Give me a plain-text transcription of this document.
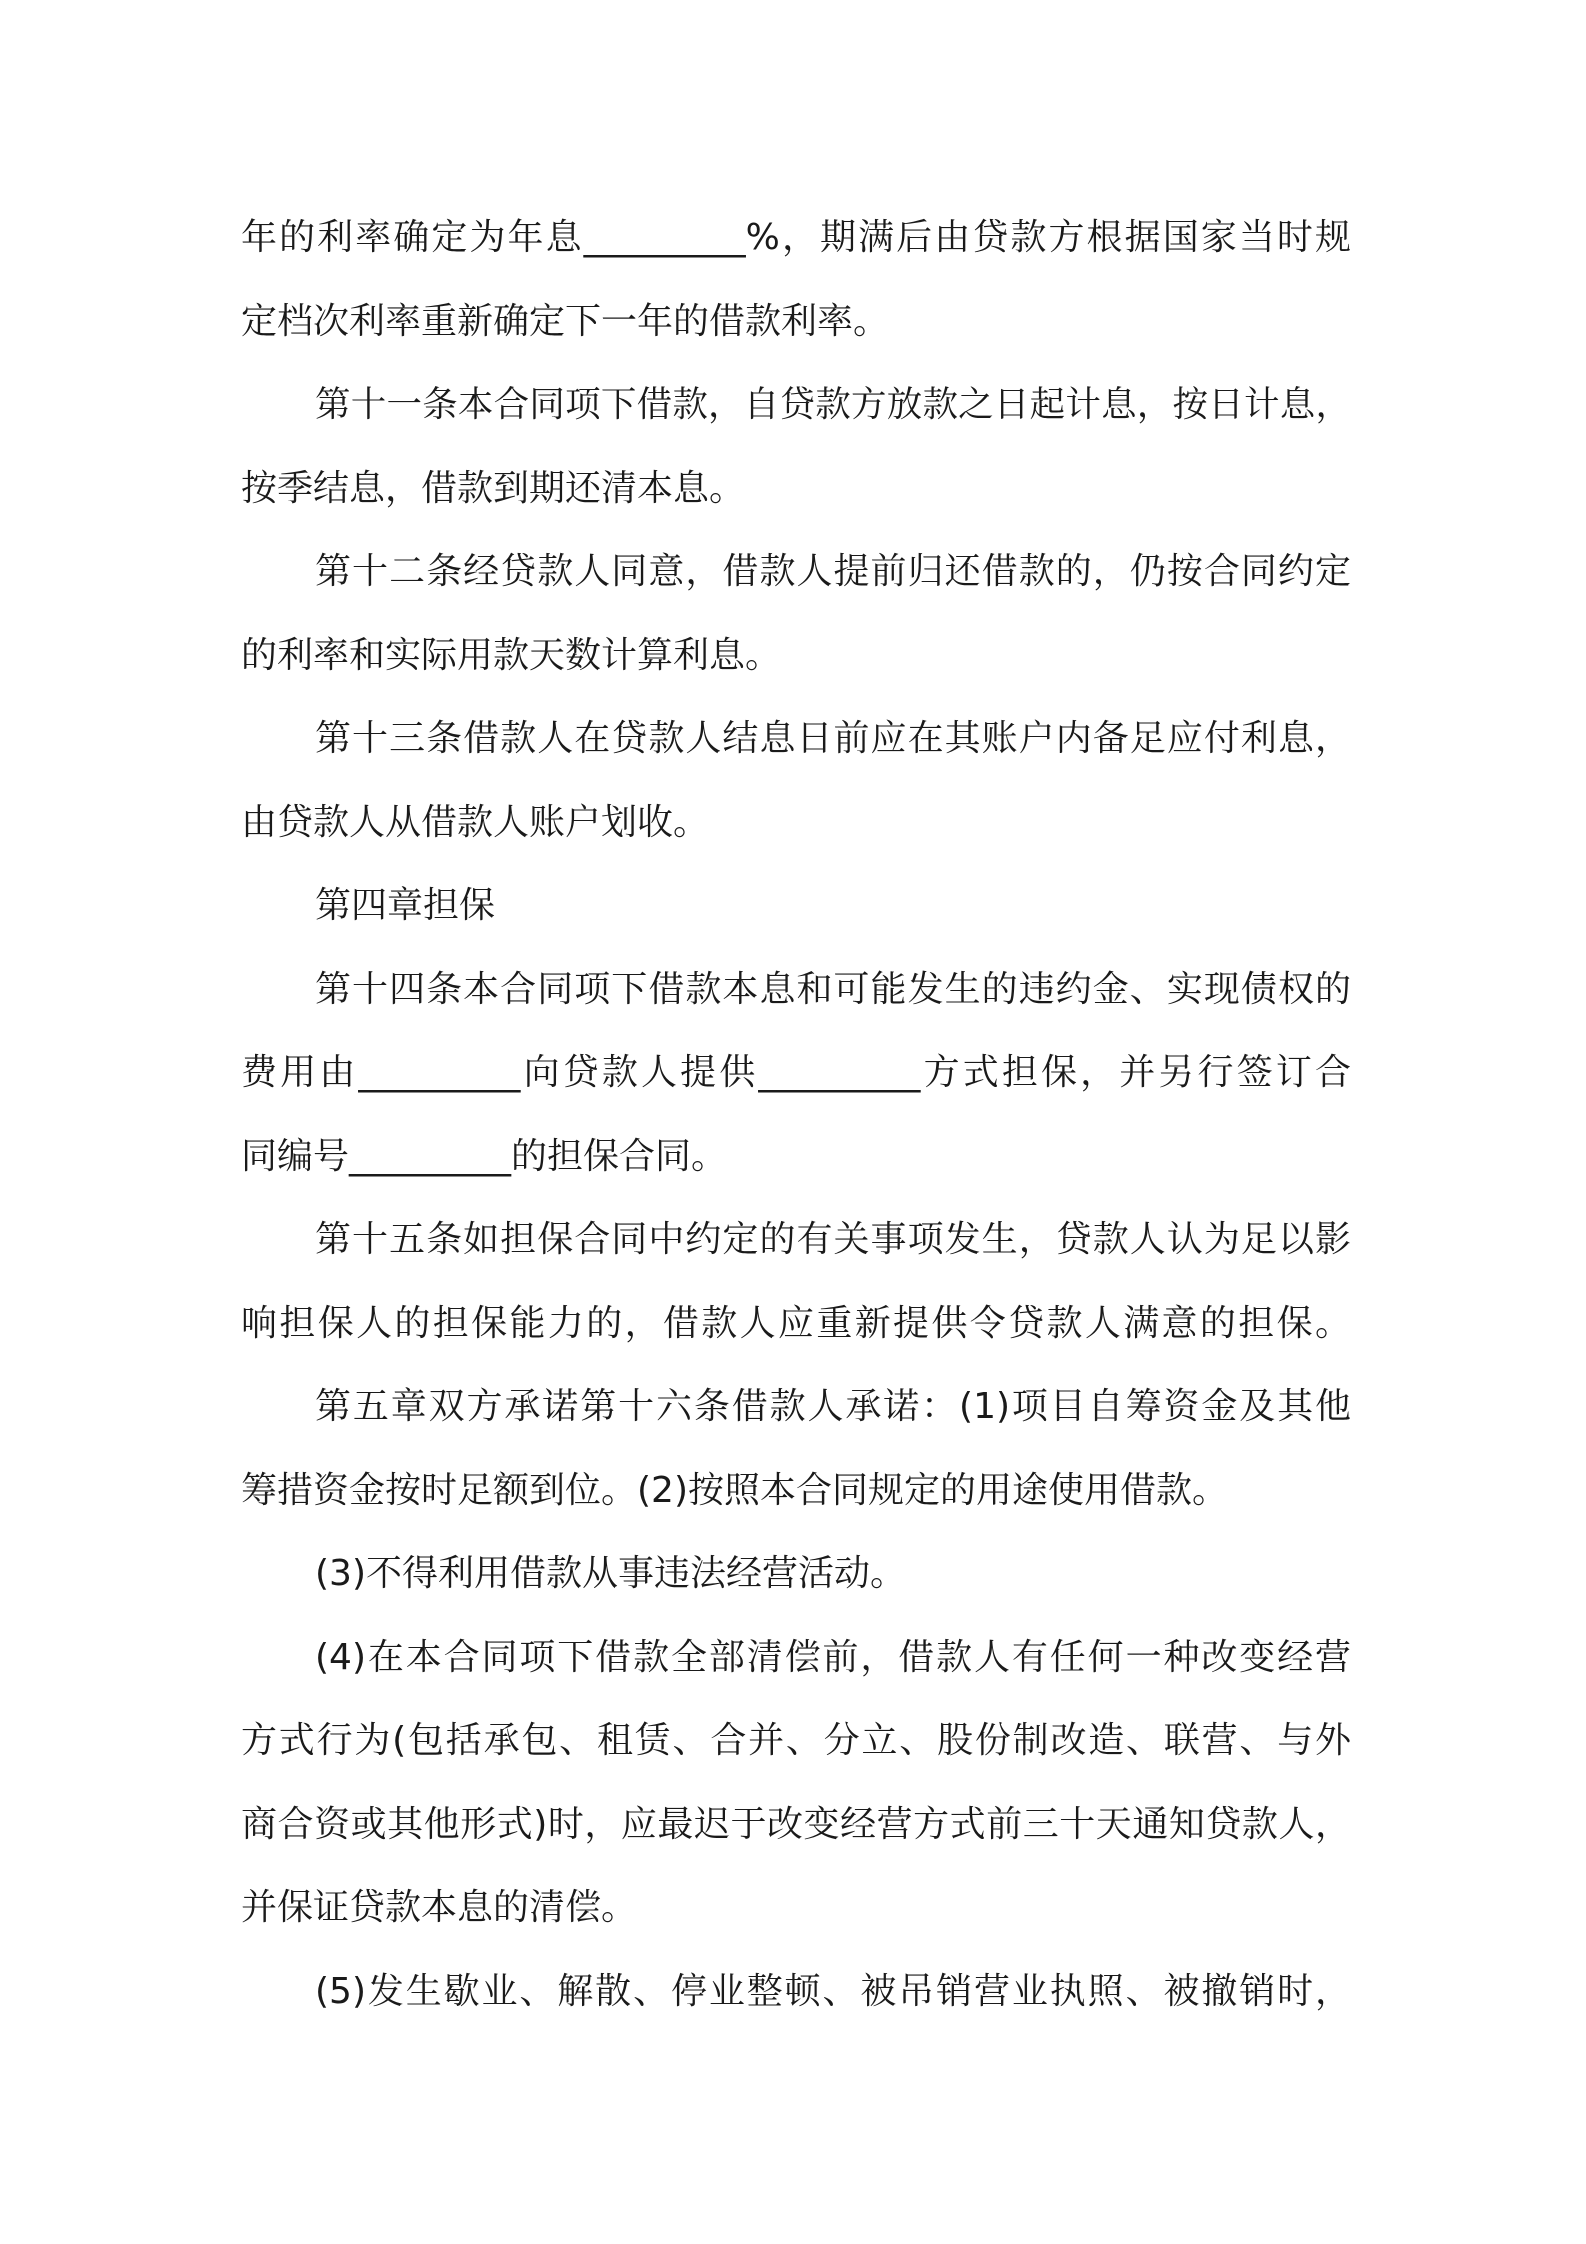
年的利率确定为年息_________%，期满后由贷款方根据国家当时规
定档次利率重新确定下一年的借款利率。
第十一条本合同项下借款，自贷款方放款之日起计息，按日计息，
按季结息，借款到期还清本息。
第十二条经贷款人同意，借款人提前归还借款的，仍按合同约定
的利率和实际用款天数计算利息。
第十三条借款人在贷款人结息日前应在其账户内备足应付利息，
由贷款人从借款人账户划收。
第四章担保
第十四条本合同项下借款本息和可能发生的违约金、实现债权的
费用由_________向贷款人提供_________方式担保，并另行签订合
同编号_________的担保合同。
第十五条如担保合同中约定的有关事项发生，贷款人认为足以影
响担保人的担保能力的，借款人应重新提供令贷款人满意的担保。
第五章双方承诺第十六条借款人承诺：(1)项目自筹资金及其他
筹措资金按时足额到位。(2)按照本合同规定的用途使用借款。
(3)不得利用借款从事违法经营活动。
(4)在本合同项下借款全部清偿前，借款人有任何一种改变经营
方式行为(包括承包、租赁、合并、分立、股份制改造、联营、与外
商合资或其他形式)时，应最迟于改变经营方式前三十天通知贷款人，
并保证贷款本息的清偿。
(5)发生歇业、解散、停业整顿、被吊销营业执照、被撤销时，
